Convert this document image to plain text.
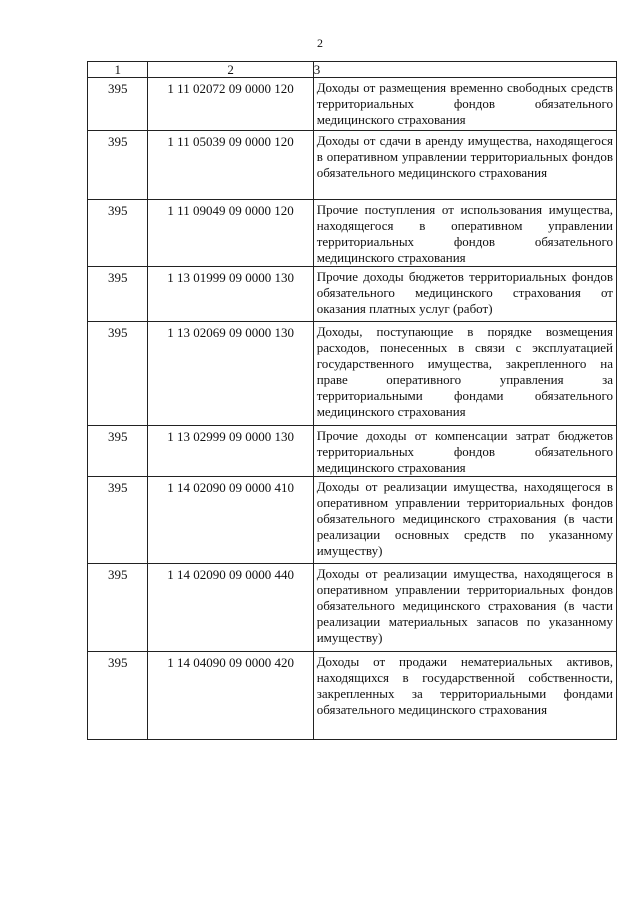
2
1	2	3
395	1 11 02072 09 0000 120	Доходы от размещения временно свободных средств территориальных фондов обязательного медицинского страхования
395	1 11 05039 09 0000 120	Доходы от сдачи в аренду имущества, находящегося в оперативном управлении территориальных фондов обязательного медицинского страхования
395	1 11 09049 09 0000 120	Прочие поступления от использования имущества, находящегося в оперативном управлении территориальных фондов обязательного медицинского страхования
395	1 13 01999 09 0000 130	Прочие доходы бюджетов территориальных фондов обязательного медицинского страхования от оказания платных услуг (работ)
395	1 13 02069 09 0000 130	Доходы, поступающие в порядке возмещения расходов, понесенных в связи с эксплуатацией государственного имущества, закрепленного на праве оперативного управления за территориальными фондами обязательного медицинского страхования
395	1 13 02999 09 0000 130	Прочие доходы от компенсации затрат бюджетов территориальных фондов обязательного медицинского страхования
395	1 14 02090 09 0000 410	Доходы от реализации имущества, находящегося в оперативном управлении территориальных фондов обязательного медицинского страхования (в части реализации основных средств по указанному имуществу)
395	1 14 02090 09 0000 440	Доходы от реализации имущества, находящегося в оперативном управлении территориальных фондов обязательного медицинского страхования (в части реализации материальных запасов по указанному имуществу)
395	1 14 04090 09 0000 420	Доходы от продажи нематериальных активов, находящихся в государственной собственности, закрепленных за территориальными фондами обязательного медицинского страхования
